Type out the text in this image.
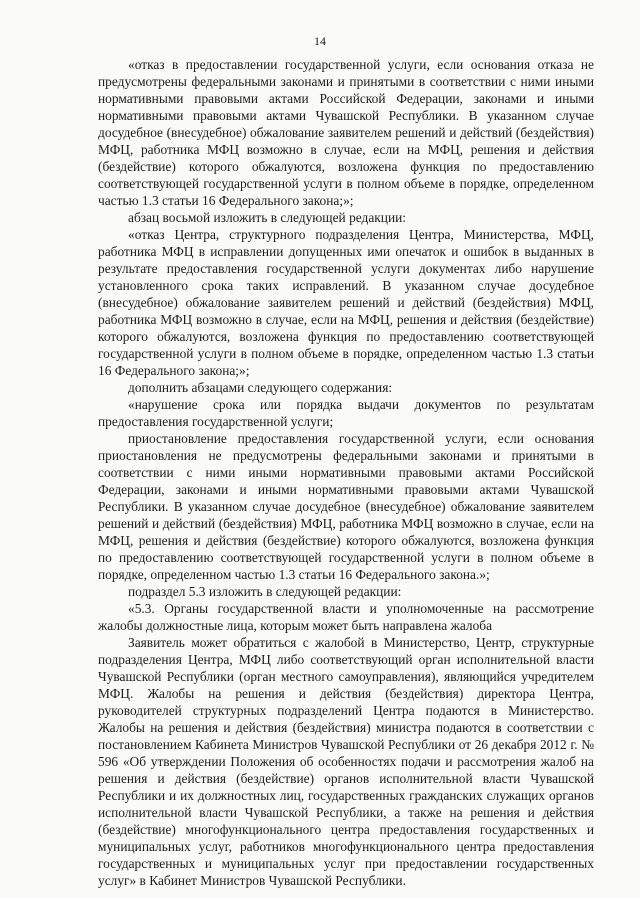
14

«отказ в предоставлении государственной услуги, если основания отказа не предусмотрены федеральными законами и принятыми в соответствии с ними иными нормативными правовыми актами Российской Федерации, законами и иными нормативными правовыми актами Чувашской Республики. В указанном случае досудебное (внесудебное) обжалование заявителем решений и действий (бездействия) МФЦ, работника МФЦ возможно в случае, если на МФЦ, решения и действия (бездействие) которого обжалуются, возложена функция по предоставлению соответствующей государственной услуги в полном объеме в порядке, определенном частью 1.3 статьи 16 Федерального закона;»;

абзац восьмой изложить в следующей редакции:

«отказ Центра, структурного подразделения Центра, Министерства, МФЦ, работника МФЦ в исправлении допущенных ими опечаток и ошибок в выданных в результате предоставления государственной услуги документах либо нарушение установленного срока таких исправлений. В указанном случае досудебное (внесудебное) обжалование заявителем решений и действий (бездействия) МФЦ, работника МФЦ возможно в случае, если на МФЦ, решения и действия (бездействие) которого обжалуются, возложена функция по предоставлению соответствующей государственной услуги в полном объеме в порядке, определенном частью 1.3 статьи 16 Федерального закона;»;

дополнить абзацами следующего содержания:

«нарушение срока или порядка выдачи документов по результатам предоставления государственной услуги;

приостановление предоставления государственной услуги, если основания приостановления не предусмотрены федеральными законами и принятыми в соответствии с ними иными нормативными правовыми актами Российской Федерации, законами и иными нормативными правовыми актами Чувашской Республики. В указанном случае досудебное (внесудебное) обжалование заявителем решений и действий (бездействия) МФЦ, работника МФЦ возможно в случае, если на МФЦ, решения и действия (бездействие) которого обжалуются, возложена функция по предоставлению соответствующей государственной услуги в полном объеме в порядке, определенном частью 1.3 статьи 16 Федерального закона.»;

подраздел 5.3 изложить в следующей редакции:

«5.3. Органы государственной власти и уполномоченные на рассмотрение жалобы должностные лица, которым может быть направлена жалоба

Заявитель может обратиться с жалобой в Министерство, Центр, структурные подразделения Центра, МФЦ либо соответствующий орган исполнительной власти Чувашской Республики (орган местного самоуправления), являющийся учредителем МФЦ. Жалобы на решения и действия (бездействия) директора Центра, руководителей структурных подразделений Центра подаются в Министерство. Жалобы на решения и действия (бездействия) министра подаются в соответствии с постановлением Кабинета Министров Чувашской Республики от 26 декабря 2012 г. № 596 «Об утверждении Положения об особенностях подачи и рассмотрения жалоб на решения и действия (бездействие) органов исполнительной власти Чувашской Республики и их должностных лиц, государственных гражданских служащих органов исполнительной власти Чувашской Республики, а также на решения и действия (бездействие) многофункционального центра предоставления государственных и муниципальных услуг, работников многофункционального центра предоставления государственных и муниципальных услуг при предоставлении государственных услуг» в Кабинет Министров Чувашской Республики.
